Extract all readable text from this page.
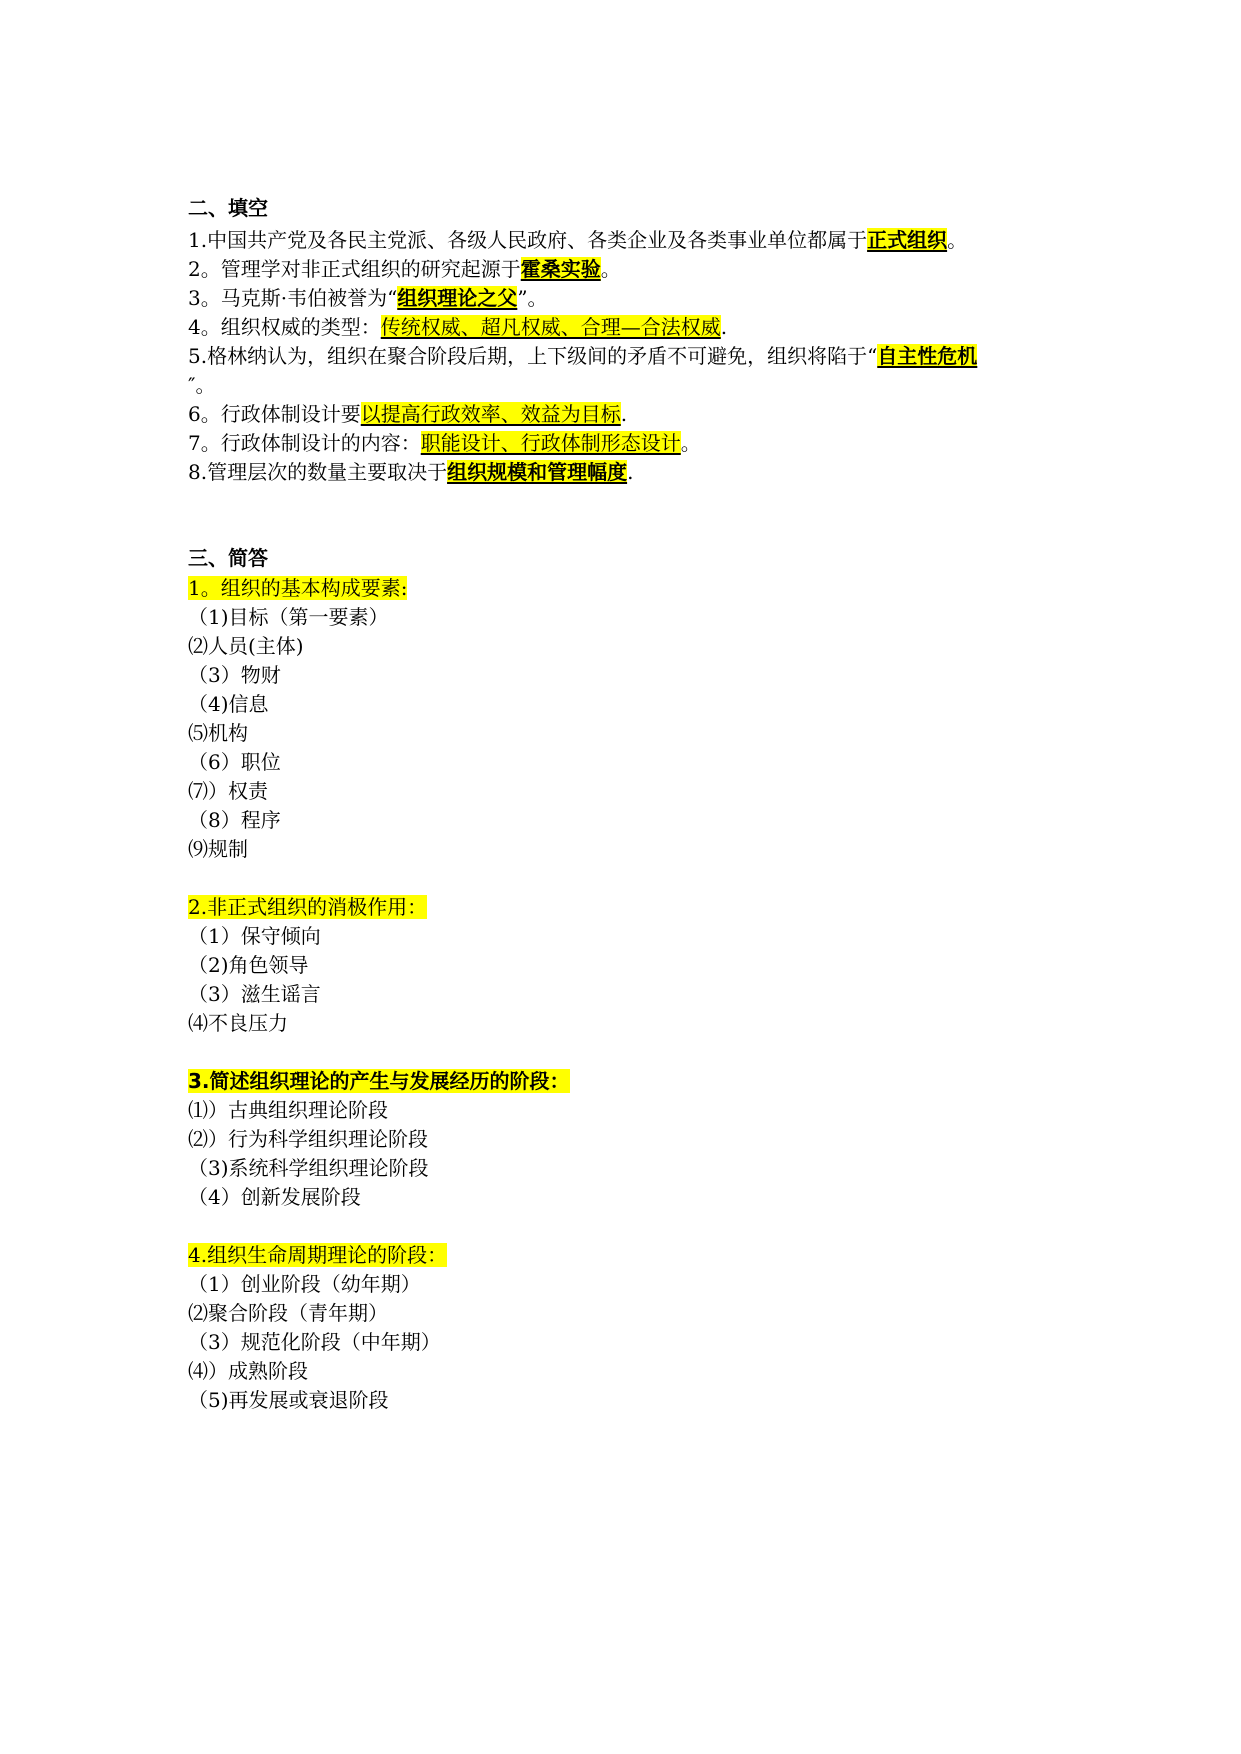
二、填空
1.中国共产党及各民主党派、各级人民政府、各类企业及各类事业单位都属于正式组织。
2。管理学对非正式组织的研究起源于霍桑实验。
3。马克斯·韦伯被誉为“组织理论之父”。
4。组织权威的类型：传统权威、超凡权威、合理—合法权威.
5.格林纳认为，组织在聚合阶段后期，上下级间的矛盾不可避免，组织将陷于“自主性危机
″。
6。行政体制设计要以提高行政效率、效益为目标.
7。行政体制设计的内容：职能设计、行政体制形态设计。
8.管理层次的数量主要取决于组织规模和管理幅度.
三、简答
1。组织的基本构成要素:
（1)目标（第一要素）
⑵人员(主体)
（3）物财
（4)信息
⑸机构
（6）职位
⑺）权责
（8）程序
⑼规制
2.非正式组织的消极作用：
（1）保守倾向
（2)角色领导
（3）滋生谣言
⑷不良压力
3.简述组织理论的产生与发展经历的阶段：
⑴）古典组织理论阶段
⑵）行为科学组织理论阶段
（3)系统科学组织理论阶段
（4）创新发展阶段
4.组织生命周期理论的阶段：
（1）创业阶段（幼年期）
⑵聚合阶段（青年期）
（3）规范化阶段（中年期）
⑷）成熟阶段
（5)再发展或衰退阶段
